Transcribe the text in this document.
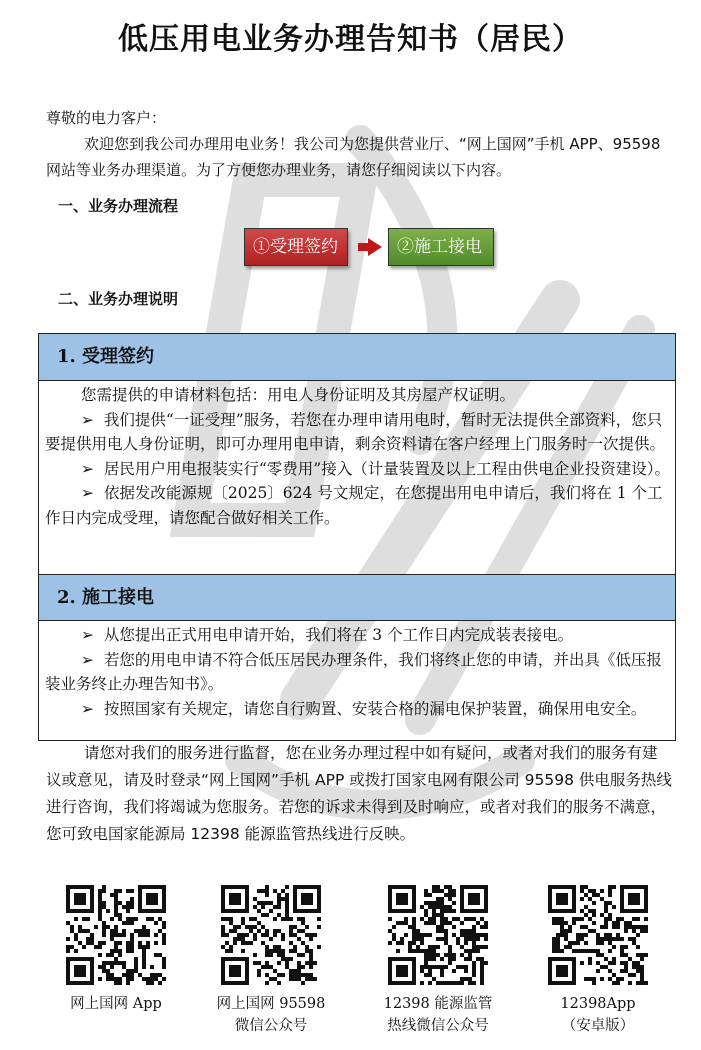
低压用电业务办理告知书（居民）
尊敬的电力客户：
欢迎您到我公司办理用电业务！我公司为您提供营业厅、“网上国网”手机 APP、95598 网站等业务办理渠道。为了方便您办理业务，请您仔细阅读以下内容。
一、业务办理流程
①受理签约	②施工接电
二、业务办理说明
1. 受理签约

您需提供的申请材料包括：用电人身份证明及其房屋产权证明。

➢ 我们提供“一证受理”服务，若您在办理申请用电时，暂时无法提供全部资料，您只要提供用电人身份证明，即可办理用电申请，剩余资料请在客户经理上门服务时一次提供。

➢ 居民用户用电报装实行“零费用”接入（计量装置及以上工程由供电企业投资建设）。

➢ 依据发改能源规〔2025〕624 号文规定，在您提出用电申请后，我们将在 1 个工作日内完成受理，请您配合做好相关工作。

2. 施工接电

➢ 从您提出正式用电申请开始，我们将在 3 个工作日内完成装表接电。

➢ 若您的用电申请不符合低压居民办理条件，我们将终止您的申请，并出具《低压报装业务终止办理告知书》。

➢ 按照国家有关规定，请您自行购置、安装合格的漏电保护装置，确保用电安全。

请您对我们的服务进行监督，您在业务办理过程中如有疑问，或者对我们的服务有建议或意见，请及时登录“网上国网”手机 APP 或拨打国家电网有限公司 95598 供电服务热线进行咨询，我们将竭诚为您服务。若您的诉求未得到及时响应，或者对我们的服务不满意，您可致电国家能源局 12398 能源监管热线进行反映。
网上国网 App	网上国网 95598
微信公众号
12398 能源监管
热线微信公众号
12398App
（安卓版）
